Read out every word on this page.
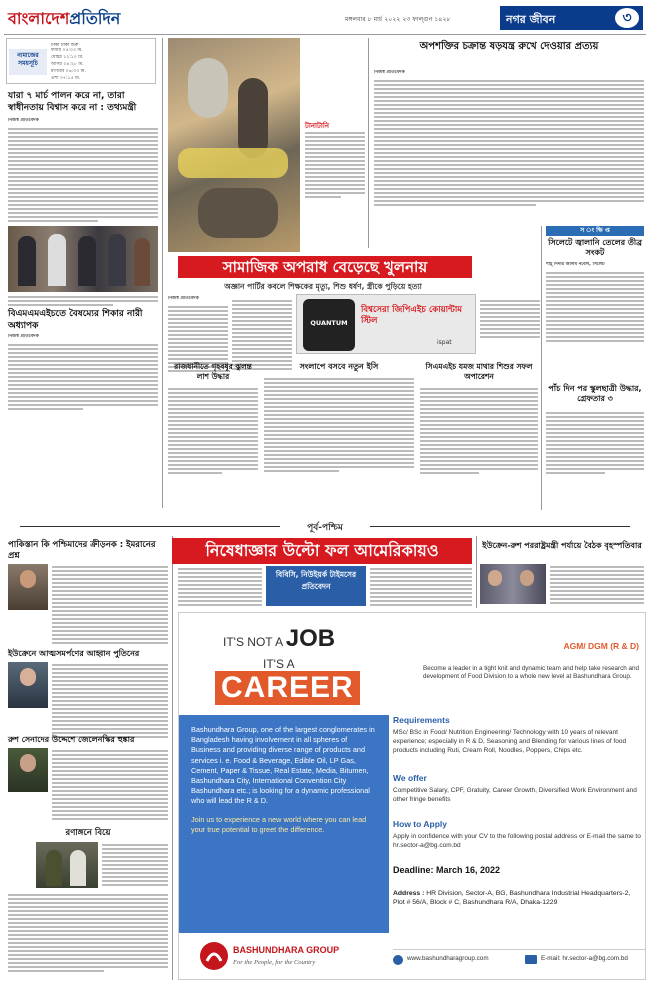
বাংলাদেশপ্রতিদিন	মঙ্গলবার ৮ মার্চ ২০২২ ২৩ ফাল্গুন ১৪২৮	নগর জীবন	৩
নামাজের সময়সূচি
ঢাকা ঢাকা শুরু
ফজর ০৫:০৩ মি.
যোহর ১২:১০ মি.
আসর ০৪:২৮ মি.
মাগরিব ০৬:০৩ মি.
এশা ০৭:১৫ মি.
যারা ৭ মার্চ পালন করে না, তারা স্বাধীনতায় বিশ্বাস করে না : তথ্যমন্ত্রী
নিজস্ব প্রতিবেদক
বিএমএমএইচতে বৈষম্যের শিকার নারী অধ্যাপক
নিজস্ব প্রতিবেদক
টানাটানি
অপশক্তির চক্রান্ত ষড়যন্ত্র রুখে দেওয়ার প্রত্যয়
নিজস্ব প্রতিবেদক
সামাজিক অপরাধ বেড়েছে খুলনায়
অজ্ঞান পার্টির কবলে শিক্ষকের মৃত্যু, শিশু ধর্ষণ, স্ত্রীকে পুড়িয়ে হত্যা
নিজস্ব প্রতিবেদক
QUANTUM
বিশ্বসেরা জিপিএইচ কোয়ান্টাম স্টিল
ispat
স ং ক্ষি প্ত
সিলেটে জ্বালানি তেলের তীব্র সংকট
শাহ্ দিদার আলম নবেল, সিলেট
পাঁচ দিন পর স্কুলছাত্রী উদ্ধার, গ্রেফতার ৩
রাজধানীতে গৃহবধূর ঝুলন্ত লাশ উদ্ধার
সংলাপে বসবে নতুন ইসি	সিএমএইচ যমজ মাথার শিশুর সফল অপারেশন
পূর্ব-পশ্চিম
পাকিস্তান কি পশ্চিমাদের ক্রীড়নক : ইমরানের প্রশ্ন
ইউক্রেনে আত্মসমর্পণের আহ্বান পুতিনের
রুশ সেনাদের উদ্দেশে জেলেনস্কির হুঙ্কার
রণাঙ্গনে বিয়ে
নিষেধাজ্ঞার উল্টো ফল আমেরিকায়ও
বিবিসি, নিউইয়র্ক টাইমসের প্রতিবেদন
ইউক্রেন-রুশ পররাষ্ট্রমন্ত্রী পর্যায়ে বৈঠক বৃহস্পতিবার
IT'S NOT A JOB
IT'S A
CAREER
Bashundhara Group, one of the largest conglomerates in Bangladesh having involvement in all spheres of Business and providing diverse range of products and services i. e. Food & Beverage, Edible Oil, LP Gas, Cement, Paper & Tissue, Real Estate, Media, Bitumen, Bashundhara City, International Convention City Bashundhara etc.; is looking for a dynamic professional who will lead the R & D.
Join us to experience a new world where you can lead your true potential to greet the difference.
BASHUNDHARA GROUP
For the People, for the Country
AGM/ DGM (R & D)
Become a leader in a tight knit and dynamic team and help take research and development of Food Division to a whole new level at Bashundhara Group.
Requirements
MSc/ BSc in Food/ Nutrition Engineering/ Technology with 10 years of relevant experience; especially in R & D, Seasoning and Blending for various lines of food products including Ruti, Cream Roll, Noodles, Poppers, Chips etc.
We offer
Competitive Salary, CPF, Gratuity, Career Growth, Diversified Work Environment and other fringe benefits
How to Apply
Apply in confidence with your CV to the following postal address or E-mail the same to hr.sector-a@bg.com.bd
Deadline: March 16, 2022
Address : HR Division, Sector-A, BG, Bashundhara Industrial Headquarters-2, Plot # 56/A, Block # C, Bashundhara R/A, Dhaka-1229
www.bashundharagroup.com	E-mail: hr.sector-a@bg.com.bd
